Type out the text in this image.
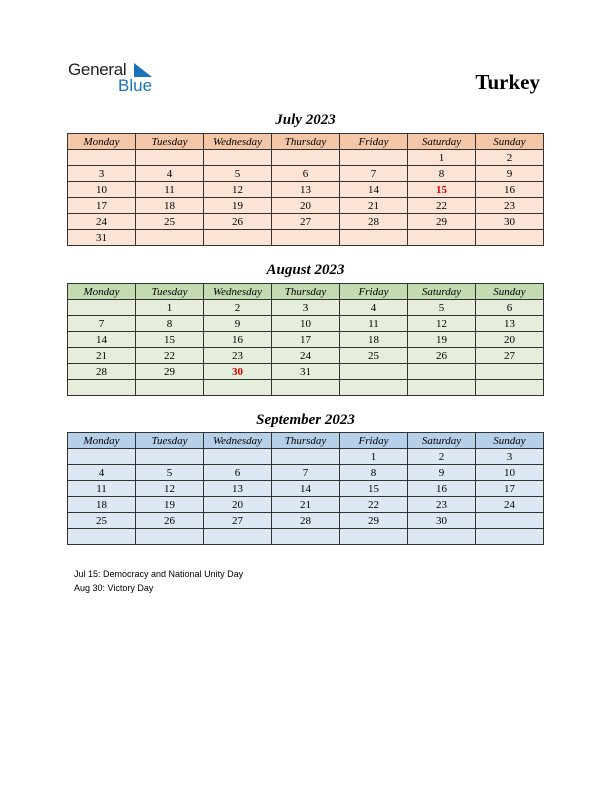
General
Blue	Turkey
July 2023
Monday	Tuesday	Wednesday	Thursday	Friday	Saturday	Sunday
					1	2
3	4	5	6	7	8	9
10	11	12	13	14	15	16
17	18	19	20	21	22	23
24	25	26	27	28	29	30
31						
August 2023
Monday	Tuesday	Wednesday	Thursday	Friday	Saturday	Sunday
	1	2	3	4	5	6
7	8	9	10	11	12	13
14	15	16	17	18	19	20
21	22	23	24	25	26	27
28	29	30	31			

September 2023
Monday	Tuesday	Wednesday	Thursday	Friday	Saturday	Sunday
				1	2	3
4	5	6	7	8	9	10
11	12	13	14	15	16	17
18	19	20	21	22	23	24
25	26	27	28	29	30	

Jul 15: Democracy and National Unity Day
Aug 30: Victory Day
